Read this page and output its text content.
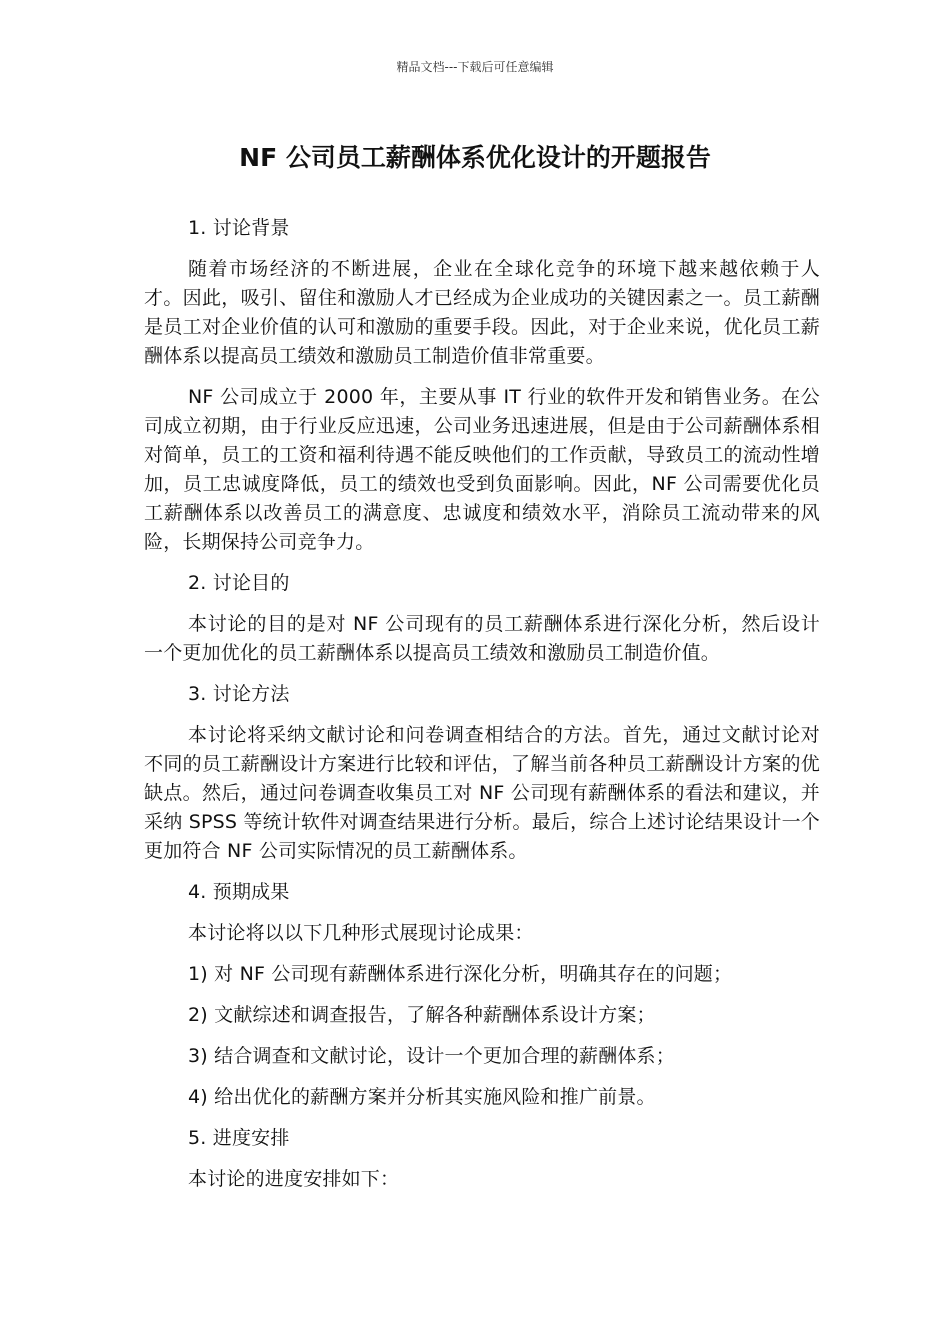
精品文档---下载后可任意编辑
NF 公司员工薪酬体系优化设计的开题报告

1. 讨论背景

随着市场经济的不断进展，企业在全球化竞争的环境下越来越依赖于人才。因此，吸引、留住和激励人才已经成为企业成功的关键因素之一。员工薪酬是员工对企业价值的认可和激励的重要手段。因此，对于企业来说，优化员工薪酬体系以提高员工绩效和激励员工制造价值非常重要。

NF 公司成立于 2000 年，主要从事 IT 行业的软件开发和销售业务。在公司成立初期，由于行业反应迅速，公司业务迅速进展，但是由于公司薪酬体系相对简单，员工的工资和福利待遇不能反映他们的工作贡献，导致员工的流动性增加，员工忠诚度降低，员工的绩效也受到负面影响。因此，NF 公司需要优化员工薪酬体系以改善员工的满意度、忠诚度和绩效水平，消除员工流动带来的风险，长期保持公司竞争力。

2. 讨论目的

本讨论的目的是对 NF 公司现有的员工薪酬体系进行深化分析，然后设计一个更加优化的员工薪酬体系以提高员工绩效和激励员工制造价值。

3. 讨论方法

本讨论将采纳文献讨论和问卷调查相结合的方法。首先，通过文献讨论对不同的员工薪酬设计方案进行比较和评估，了解当前各种员工薪酬设计方案的优缺点。然后，通过问卷调查收集员工对 NF 公司现有薪酬体系的看法和建议，并采纳 SPSS 等统计软件对调查结果进行分析。最后，综合上述讨论结果设计一个更加符合 NF 公司实际情况的员工薪酬体系。

4. 预期成果

本讨论将以以下几种形式展现讨论成果：

1) 对 NF 公司现有薪酬体系进行深化分析，明确其存在的问题；

2) 文献综述和调查报告，了解各种薪酬体系设计方案；

3) 结合调查和文献讨论，设计一个更加合理的薪酬体系；

4) 给出优化的薪酬方案并分析其实施风险和推广前景。

5. 进度安排

本讨论的进度安排如下：
